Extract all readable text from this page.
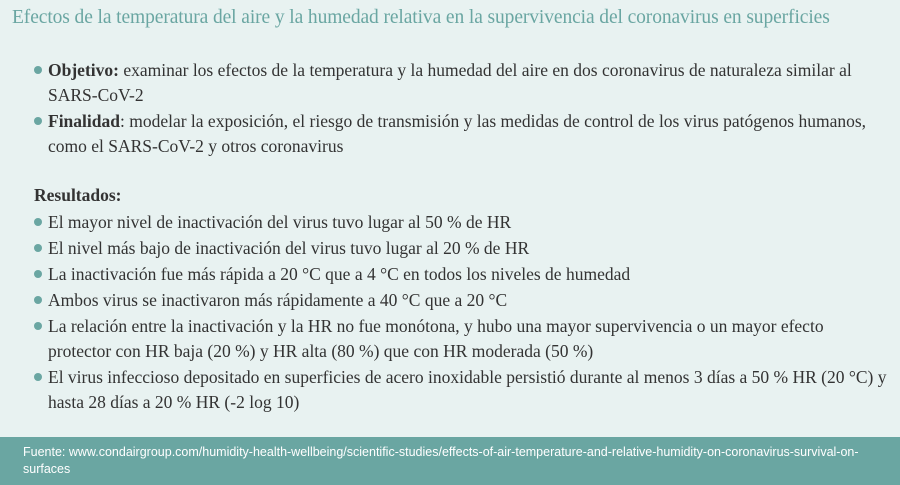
Efectos de la temperatura del aire y la humedad relativa en la supervivencia del coronavirus en superficies
Objetivo: examinar los efectos de la temperatura y la humedad del aire en dos coronavirus de naturaleza similar al SARS-CoV-2
Finalidad: modelar la exposición, el riesgo de transmisión y las medidas de control de los virus patógenos humanos, como el SARS-CoV-2 y otros coronavirus
Resultados:
El mayor nivel de inactivación del virus tuvo lugar al 50 % de HR
El nivel más bajo de inactivación del virus tuvo lugar al 20 % de HR
La inactivación fue más rápida a 20 °C que a 4 °C en todos los niveles de humedad
Ambos virus se inactivaron más rápidamente a 40 °C que a 20 °C
La relación entre la inactivación y la HR no fue monótona, y hubo una mayor supervivencia o un mayor efecto protector con HR baja (20 %) y HR alta (80 %) que con HR moderada (50 %)
El virus infeccioso depositado en superficies de acero inoxidable persistió durante al menos 3 días a 50 % HR (20 °C) y hasta 28 días a 20 % HR (-2 log 10)
Fuente: www.condairgroup.com/humidity-health-wellbeing/scientific-studies/effects-of-air-temperature-and-relative-humidity-on-coronavirus-survival-on-surfaces
